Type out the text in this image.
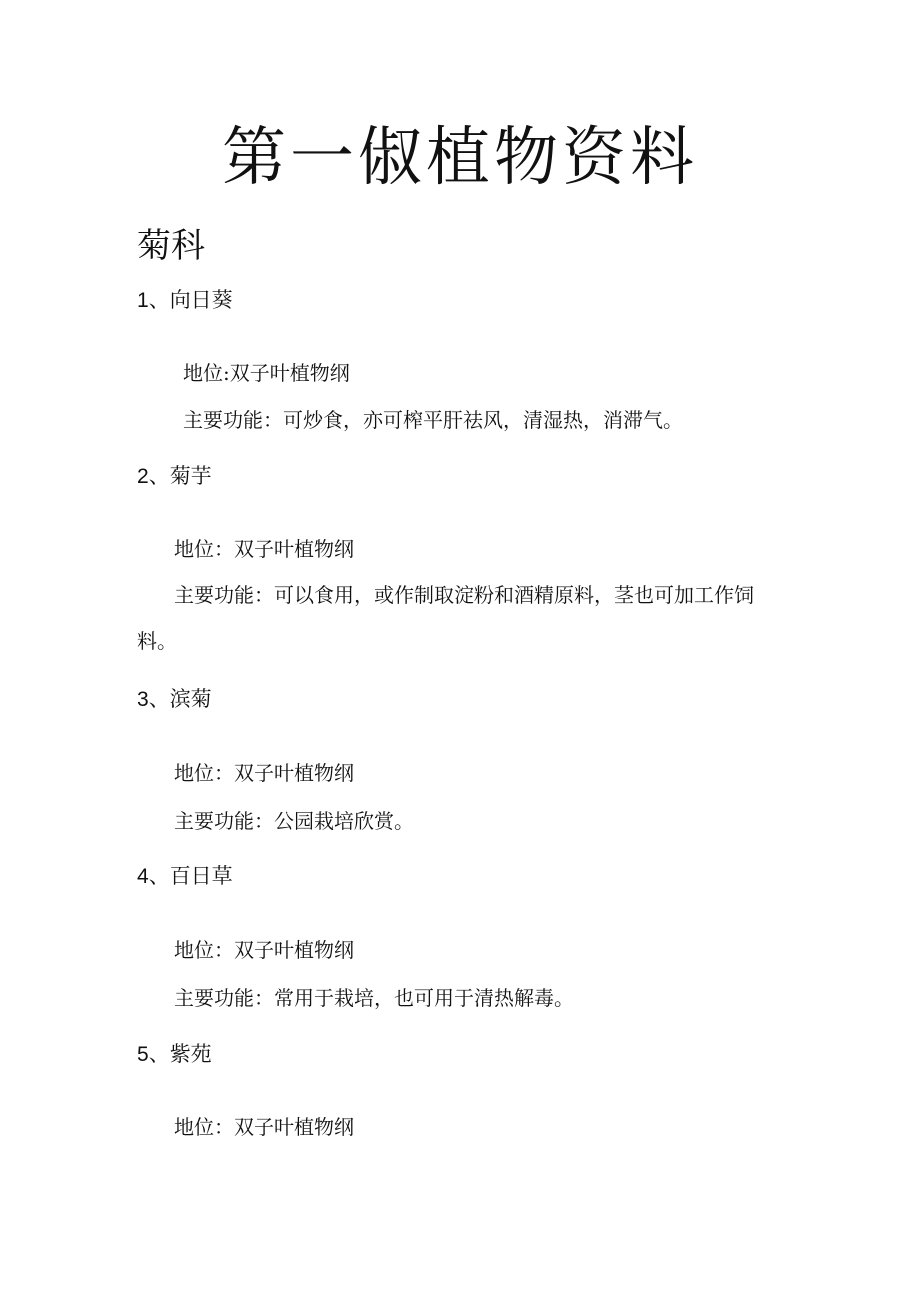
第一俶植物资料
菊科
1、向日葵

地位:双子叶植物纲

主要功能：可炒食，亦可榨平肝祛风，清湿热，消滞气。

2、菊芋

地位：双子叶植物纲

主要功能：可以食用，或作制取淀粉和酒精原料，茎也可加工作饲料。

3、滨菊

地位：双子叶植物纲

主要功能：公园栽培欣赏。

4、百日草

地位：双子叶植物纲

主要功能：常用于栽培，也可用于清热解毒。

5、紫苑

地位：双子叶植物纲
